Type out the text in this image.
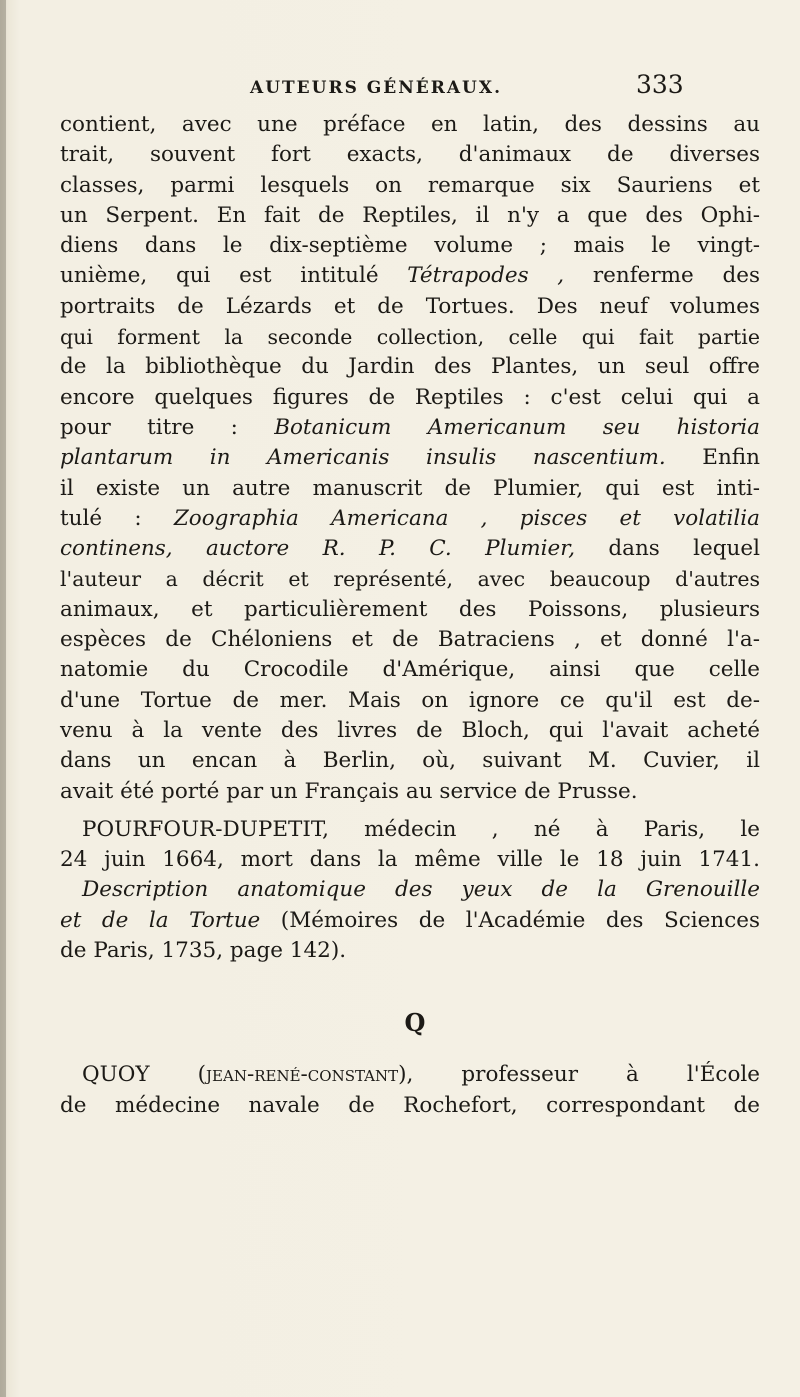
AUTEURS GÉNÉRAUX.	333
contient, avec une préface en latin, des dessins au
trait, souvent fort exacts, d'animaux de diverses
classes, parmi lesquels on remarque six Sauriens et
un Serpent. En fait de Reptiles, il n'y a que des Ophi-
diens dans le dix-septième volume ; mais le vingt-
unième, qui est intitulé Tétrapodes , renferme des
portraits de Lézards et de Tortues. Des neuf volumes
qui forment la seconde collection, celle qui fait partie
de la bibliothèque du Jardin des Plantes, un seul offre
encore quelques figures de Reptiles : c'est celui qui a
pour titre : Botanicum Americanum seu historia
plantarum in Americanis insulis nascentium. Enfin
il existe un autre manuscrit de Plumier, qui est inti-
tulé : Zoographia Americana , pisces et volatilia
continens, auctore R. P. C. Plumier, dans lequel
l'auteur a décrit et représenté, avec beaucoup d'autres
animaux, et particulièrement des Poissons, plusieurs
espèces de Chéloniens et de Batraciens , et donné l'a-
natomie du Crocodile d'Amérique, ainsi que celle
d'une Tortue de mer. Mais on ignore ce qu'il est de-
venu à la vente des livres de Bloch, qui l'avait acheté
dans un encan à Berlin, où, suivant M. Cuvier, il
avait été porté par un Français au service de Prusse.
POURFOUR-DUPETIT, médecin , né à Paris, le
24 juin 1664, mort dans la même ville le 18 juin 1741.
Description anatomique des yeux de la Grenouille
et de la Tortue (Mémoires de l'Académie des Sciences
de Paris, 1735, page 142).
Q
QUOY (jean-rené-constant), professeur à l'École
de médecine navale de Rochefort, correspondant de
